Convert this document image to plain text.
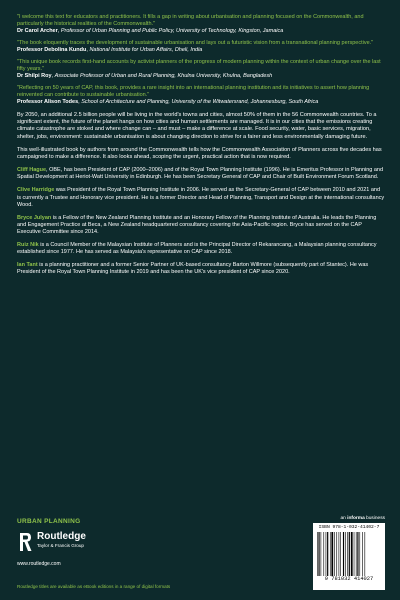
"I welcome this text for educators and practitioners. It fills a gap in writing about urbanisation and planning focused on the Commonwealth, and particularly the historical realities of the Commonwealth."
Dr Carol Archer, Professor of Urban Planning and Public Policy, University of Technology, Kingston, Jamaica
"The book eloquently traces the development of sustainable urbanisation and lays out a futuristic vision from a transnational planning perspective."
Professor Debolina Kundu, National Institute for Urban Affairs, Dheli, India
"This unique book records first-hand accounts by activist planners of the progress of modern planning within the context of urban change over the last fifty years."
Dr Shilpi Roy, Associate Professor of Urban and Rural Planning, Khulna University, Khulna, Bangladesh
"Reflecting on 50 years of CAP, this book, provides a rare insight into an international planning institution and its initiatives to assert how planning reinvented can contribute to sustainable urbanisation."
Professor Alison Todes, School of Architecture and Planning, University of the Witwatersrand, Johannesburg, South Africa

By 2050, an additional 2.5 billion people will be living in the world's towns and cities, almost 50% of them in the 56 Commonwealth countries. To a significant extent, the future of the planet hangs on how cities and human settlements are managed. It is in our cities that the emissions creating climate catastrophe are stoked and where change can – and must – make a difference at scale. Food security, water, basic services, migration, shelter, jobs, environment: sustainable urbanisation is about changing direction to strive for a fairer and less environmentally damaging future.

This well-illustrated book by authors from around the Commonwealth tells how the Commonwealth Association of Planners across five decades has campaigned to make a difference. It also looks ahead, scoping the urgent, practical action that is now required.

Cliff Hague, OBE, has been President of CAP (2000–2006) and of the Royal Town Planning Institute (1996). He is Emeritus Professor in Planning and Spatial Development at Heriot-Watt University in Edinburgh. He has been Secretary General of CAP and Chair of Built Environment Forum Scotland.

Clive Harridge was President of the Royal Town Planning Institute in 2006. He served as the Secretary-General of CAP between 2010 and 2021 and is currently a Trustee and Honorary vice president. He is a former Director and Head of Planning, Transport and Design at the international consultancy Wood.

Bryce Julyan is a Fellow of the New Zealand Planning Institute and an Honorary Fellow of the Planning Institute of Australia. He leads the Planning and Engagement Practice at Beca, a New Zealand headquartered consultancy covering the Asia-Pacific region. Bryce has served on the CAP Executive Committee since 2014.

Ruiz Nik is a Council Member of the Malaysian Institute of Planners and is the Principal Director of Rekarancang, a Malaysian planning consultancy established since 1977. He has served as Malaysia's representative on CAP since 2018.

Ian Tant is a planning practitioner and a former Senior Partner of UK-based consultancy Barton Willmore (subsequently part of Stantec). He was President of the Royal Town Planning Institute in 2019 and has been the UK's vice president of CAP since 2020.

URBAN PLANNING
Routledge
Taylor & Francis Group
www.routledge.com
Routledge titles are available as eBook editions in a range of digital formats
an informa business
ISBN 978-1-032-41402-7
9 781032 414027
